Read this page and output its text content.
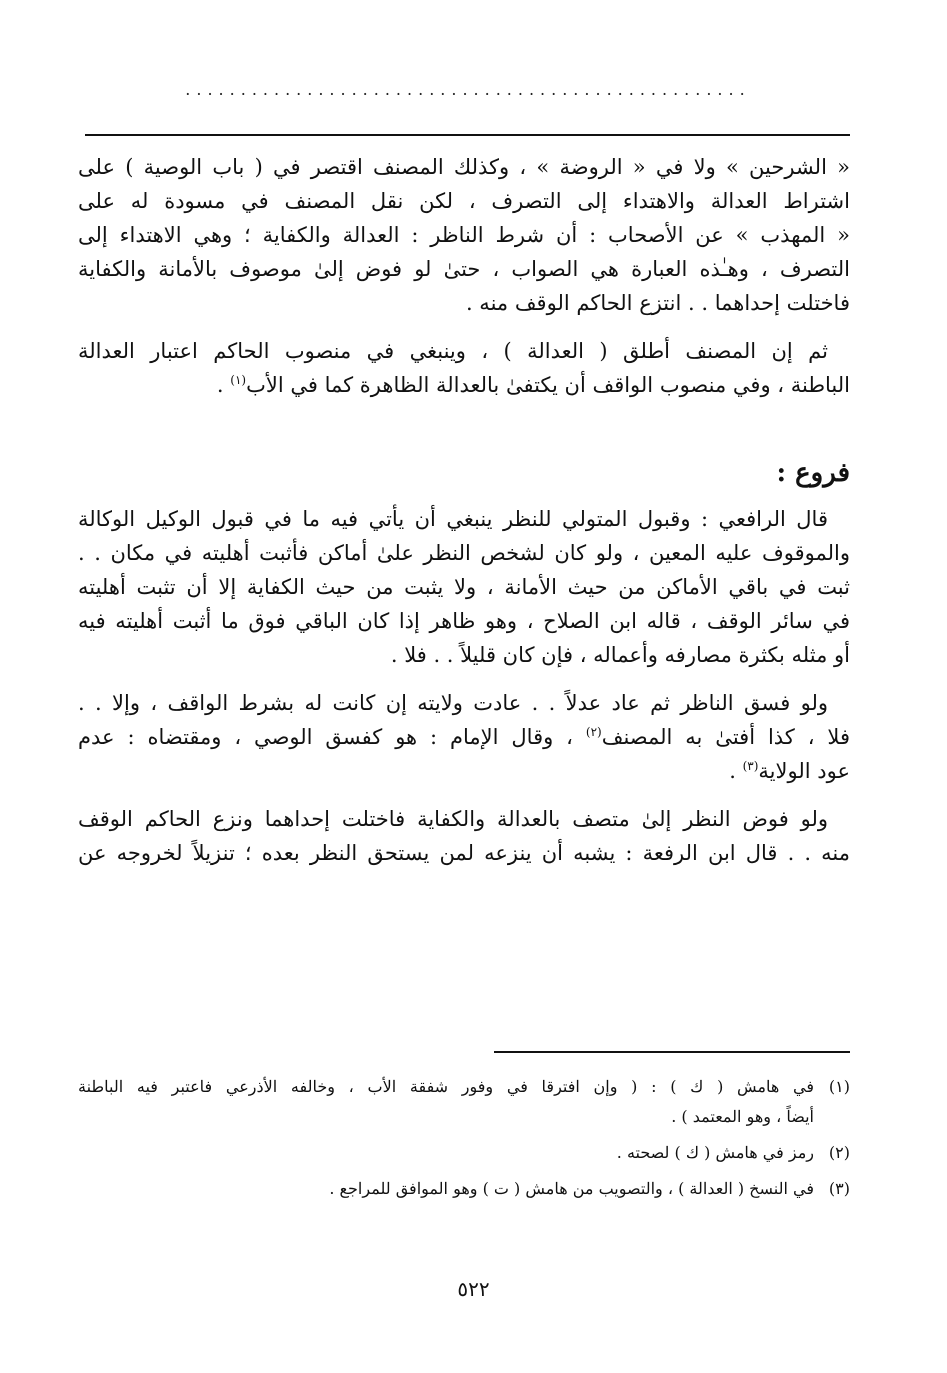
...................................................
« الشرحين » ولا في « الروضة » ، وكذلك المصنف اقتصر في ( باب الوصية ) على
اشتراط العدالة والاهتداء إلى التصرف ، لكن نقل المصنف في مسودة له على
« المهذب » عن الأصحاب : أن شرط الناظر : العدالة والكفاية ؛ وهي الاهتداء إلى
التصرف ، وهـٰذه العبارة هي الصواب ، حتىٰ لو فوض إلىٰ موصوف بالأمانة والكفاية
فاختلت إحداهما . . انتزع الحاكم الوقف منه .
ثم إن المصنف أطلق ( العدالة ) ، وينبغي في منصوب الحاكم اعتبار العدالة
الباطنة ، وفي منصوب الواقف أن يكتفىٰ بالعدالة الظاهرة كما في الأب$^{(١)}$ .
فروع :
قال الرافعي : وقبول المتولي للنظر ينبغي أن يأتي فيه ما في قبول الوكيل الوكالة
والموقوف عليه المعين ، ولو كان لشخص النظر علىٰ أماكن فأثبت أهليته في مكان . .
ثبت في باقي الأماكن من حيث الأمانة ، ولا يثبت من حيث الكفاية إلا أن تثبت أهليته
في سائر الوقف ، قاله ابن الصلاح ، وهو ظاهر إذا كان الباقي فوق ما أثبت أهليته فيه
أو مثله بكثرة مصارفه وأعماله ، فإن كان قليلاً . . فلا .
ولو فسق الناظر ثم عاد عدلاً . . عادت ولايته إن كانت له بشرط الواقف ، وإلا . .
فلا ، كذا أفتىٰ به المصنف$^{(٢)}$ ، وقال الإمام : هو كفسق الوصي ، ومقتضاه : عدم
عود الولاية$^{(٣)}$ .
ولو فوض النظر إلىٰ متصف بالعدالة والكفاية فاختلت إحداهما ونزع الحاكم الوقف
منه . . قال ابن الرفعة : يشبه أن ينزعه لمن يستحق النظر بعده ؛ تنزيلاً لخروجه عن
(١)
في هامش ( ك ) : ( وإن افترقا في وفور شفقة الأب ، وخالفه الأذرعي فاعتبر فيه الباطنة
أيضاً ، وهو المعتمد ) .
(٢)
رمز في هامش ( ك ) لصحته .
(٣)
في النسخ ( العدالة ) ، والتصويب من هامش ( ت ) وهو الموافق للمراجع .
٥٢٢
